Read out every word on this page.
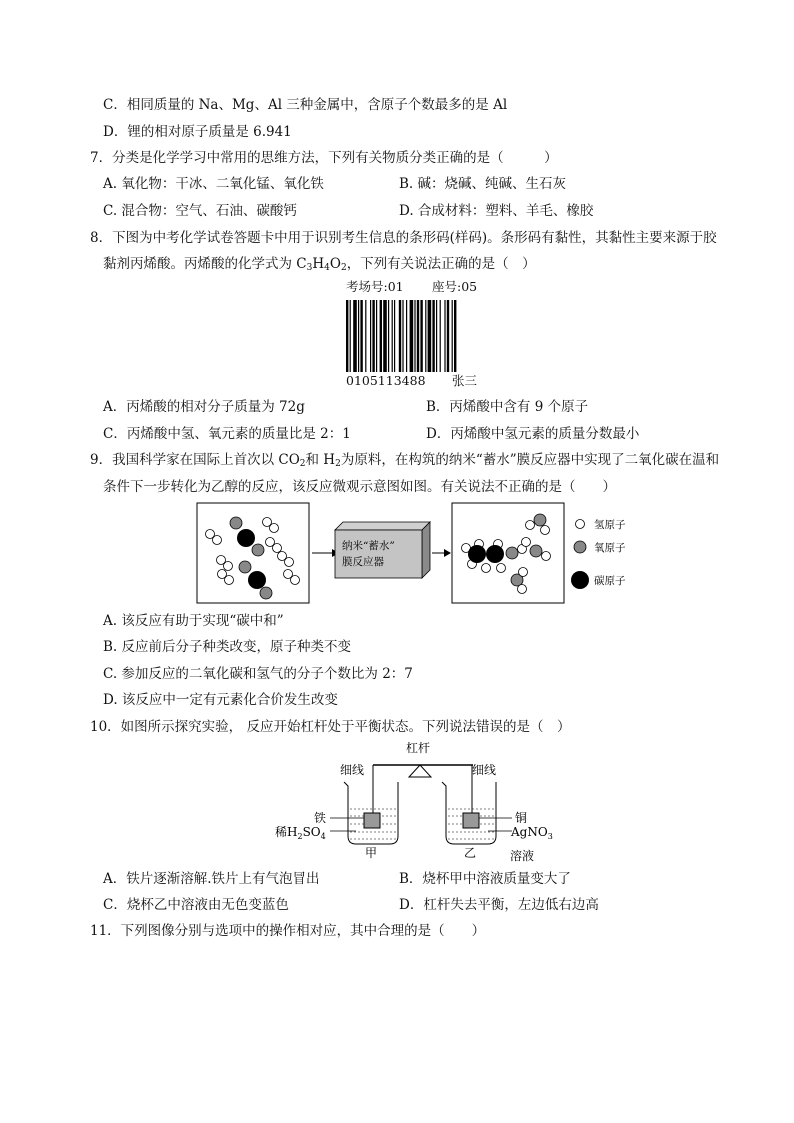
C．相同质量的 Na、Mg、Al 三种金属中，含原子个数最多的是 Al
D．锂的相对原子质量是 6.941
7．分类是化学学习中常用的思维方法，下列有关物质分类正确的是（　　　）
A. 氧化物：干冰、二氧化锰、氧化铁	B. 碱：烧碱、纯碱、生石灰
C. 混合物：空气、石油、碳酸钙	D. 合成材料：塑料、羊毛、橡胶
8．下图为中考化学试卷答题卡中用于识别考生信息的条形码(样码)。条形码有黏性，其黏性主要来源于胶
黏剂丙烯酸。丙烯酸的化学式为 $C_3H_4O_2$，下列有关说法正确的是（　）
考场号:01 座号:05
0105113488 张三
A．丙烯酸的相对分子质量为 72g	B．丙烯酸中含有 9 个原子
C．丙烯酸中氢、氧元素的质量比是 2：1	D．丙烯酸中氢元素的质量分数最小
9．我国科学家在国际上首次以 $CO_2$和 $H_2$为原料，在构筑的纳米“蓄水”膜反应器中实现了二氧化碳在温和
条件下一步转化为乙醇的反应，该反应微观示意图如图。有关说法不正确的是（　　）
纳米“蓄水”
膜反应器
氢原子
氧原子
碳原子
A. 该反应有助于实现“碳中和”
B. 反应前后分子种类改变，原子种类不变
C. 参加反应的二氧化碳和氢气的分子个数比为 2：7
D. 该反应中一定有元素化合价发生改变
10．如图所示探究实验， 反应开始杠杆处于平衡状态。下列说法错误的是（　）
杠杆
细线	细线
铁
稀$H_2SO_4$
甲
铜
AgNO$_3$
乙	溶液
A．铁片逐渐溶解.铁片上有气泡冒出	B．烧杯甲中溶液质量变大了
C．烧杯乙中溶液由无色变蓝色	D．杠杆失去平衡，左边低右边高
11．下列图像分别与选项中的操作相对应，其中合理的是（　　）
